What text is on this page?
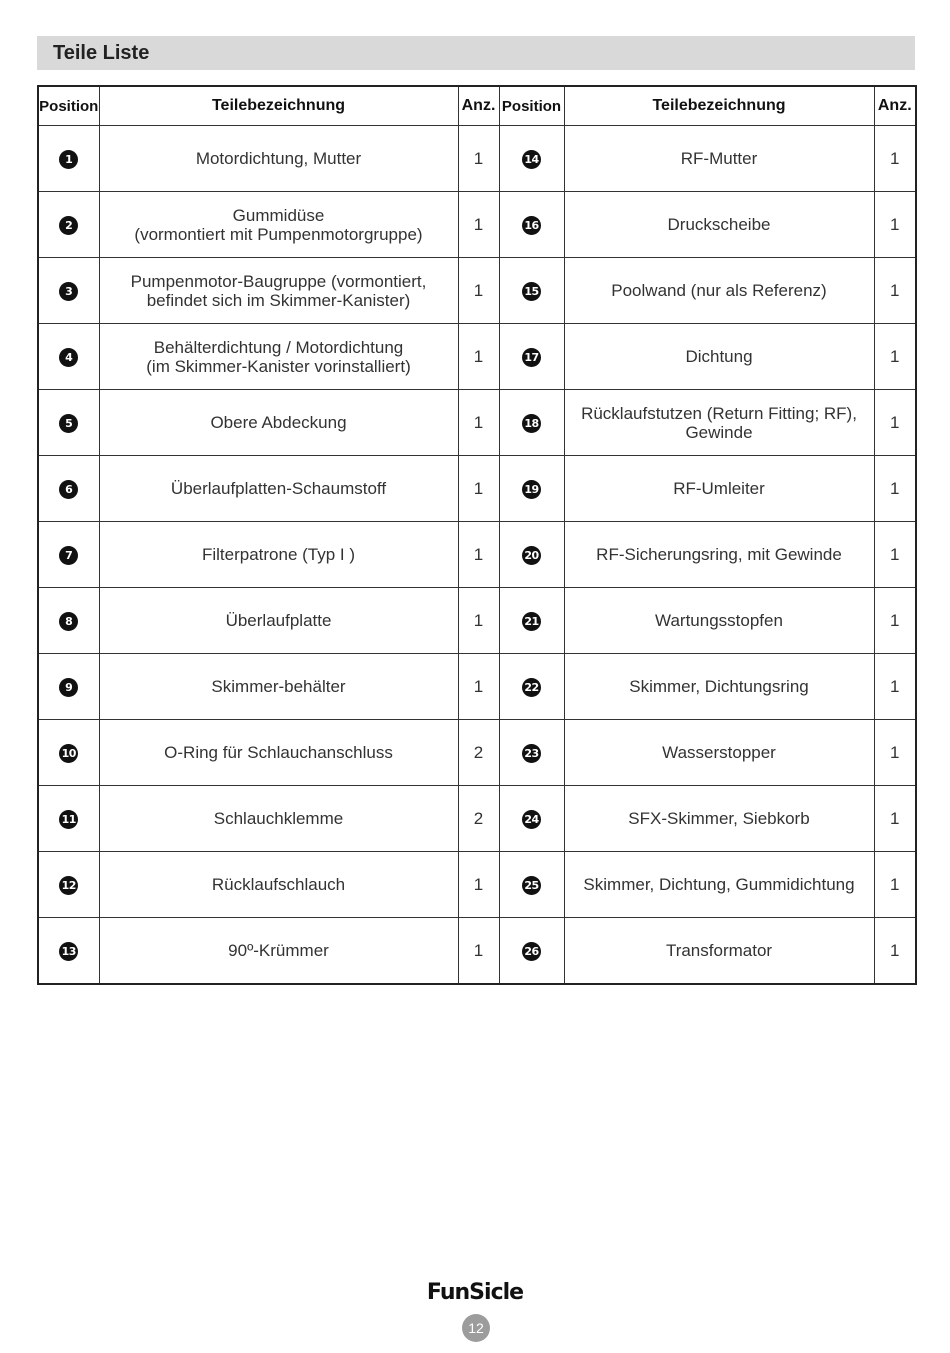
Teile Liste
Position	Teilebezeichnung	Anz.	Position	Teilebezeichnung	Anz.
1	Motordichtung, Mutter	1	14	RF-Mutter	1
2	Gummidüse
(vormontiert mit Pumpenmotorgruppe)	1	16	Druckscheibe	1
3	Pumpenmotor-Baugruppe (vormontiert,
befindet sich im Skimmer-Kanister)	1	15	Poolwand (nur als Referenz)	1
4	Behälterdichtung / Motordichtung
(im Skimmer-Kanister vorinstalliert)	1	17	Dichtung	1
5	Obere Abdeckung	1	18	Rücklaufstutzen (Return Fitting; RF),
Gewinde	1
6	Überlaufplatten-Schaumstoff	1	19	RF-Umleiter	1
7	Filterpatrone (Typ I )	1	20	RF-Sicherungsring, mit Gewinde	1
8	Überlaufplatte	1	21	Wartungsstopfen	1
9	Skimmer-behälter	1	22	Skimmer, Dichtungsring	1
10	O-Ring für Schlauchanschluss	2	23	Wasserstopper	1
11	Schlauchklemme	2	24	SFX-Skimmer, Siebkorb	1
12	Rücklaufschlauch	1	25	Skimmer, Dichtung, Gummidichtung	1
13	90º-Krümmer	1	26	Transformator	1
FunSicle
12
